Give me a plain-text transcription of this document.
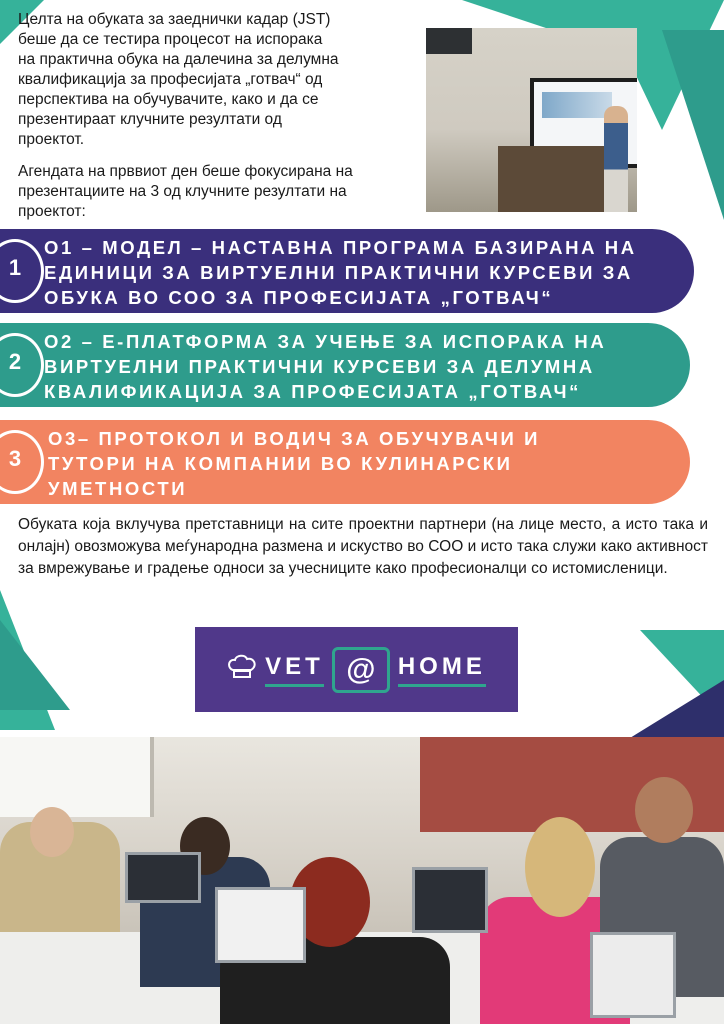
Целта на обуката за заеднички кадар (JST)
беше да се тестира процесот на испорака
на практична обука на далечина за делумна
квалификација за професијата „готвач“ од
перспектива на обучувачите, како и да се
презентираат клучните резултати од
проектот.

Агендата на прввиот ден беше фокусирана на
презентациите на 3 од клучните резултати на
проектот:

1
О1 – МОДЕЛ – НАСТАВНА ПРОГРАМА БАЗИРАНА НА
ЕДИНИЦИ ЗА ВИРТУЕЛНИ ПРАКТИЧНИ КУРСЕВИ ЗА
ОБУКА ВО СОО ЗА ПРОФЕСИЈАТА „ГОТВАЧ“
2
О2 – Е-ПЛАТФОРМА ЗА УЧЕЊЕ ЗА ИСПОРАКА НА
ВИРТУЕЛНИ ПРАКТИЧНИ КУРСЕВИ ЗА ДЕЛУМНА
КВАЛИФИКАЦИЈА ЗА ПРОФЕСИЈАТА „ГОТВАЧ“
3
О3– ПРОТОКОЛ И ВОДИЧ ЗА ОБУЧУВАЧИ И
ТУТОРИ НА КОМПАНИИ ВО КУЛИНАРСКИ
УМЕТНОСТИ

Обуката која вклучува претставници на сите проектни партнери (на лице место, а исто така и онлајн) овозможува меѓународна размена и искуство во СОО и исто така служи како активност за вмрежување и градење односи за учесниците како професионалци со истомисленици.

VET @ HOME
